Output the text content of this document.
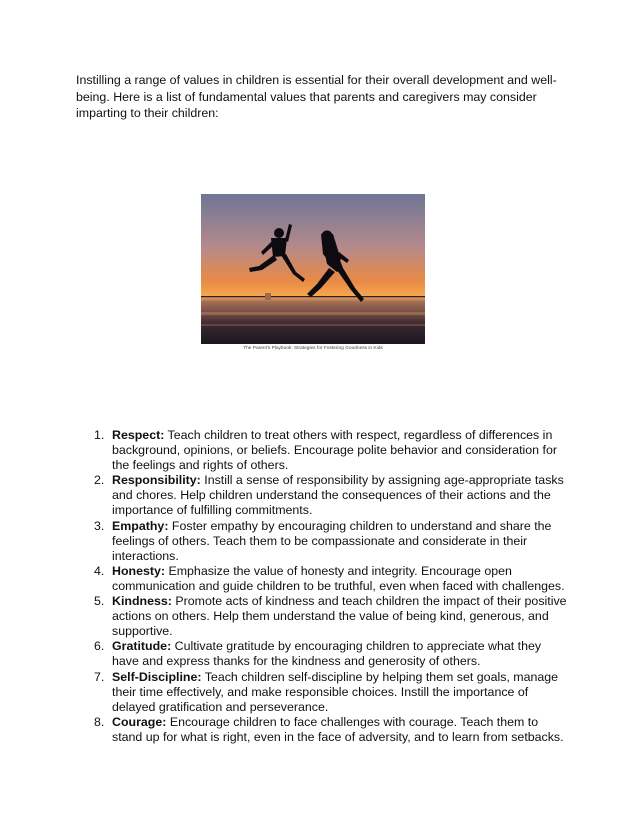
Instilling a range of values in children is essential for their overall development and well-being. Here is a list of fundamental values that parents and caregivers may consider imparting to their children:

The Parent's Playbook: Strategies for Fostering Goodness in Kids
1. Respect: Teach children to treat others with respect, regardless of differences in background, opinions, or beliefs. Encourage polite behavior and consideration for the feelings and rights of others.
2. Responsibility: Instill a sense of responsibility by assigning age-appropriate tasks and chores. Help children understand the consequences of their actions and the importance of fulfilling commitments.
3. Empathy: Foster empathy by encouraging children to understand and share the feelings of others. Teach them to be compassionate and considerate in their interactions.
4. Honesty: Emphasize the value of honesty and integrity. Encourage open communication and guide children to be truthful, even when faced with challenges.
5. Kindness: Promote acts of kindness and teach children the impact of their positive actions on others. Help them understand the value of being kind, generous, and supportive.
6. Gratitude: Cultivate gratitude by encouraging children to appreciate what they have and express thanks for the kindness and generosity of others.
7. Self-Discipline: Teach children self-discipline by helping them set goals, manage their time effectively, and make responsible choices. Instill the importance of delayed gratification and perseverance.
8. Courage: Encourage children to face challenges with courage. Teach them to stand up for what is right, even in the face of adversity, and to learn from setbacks.
